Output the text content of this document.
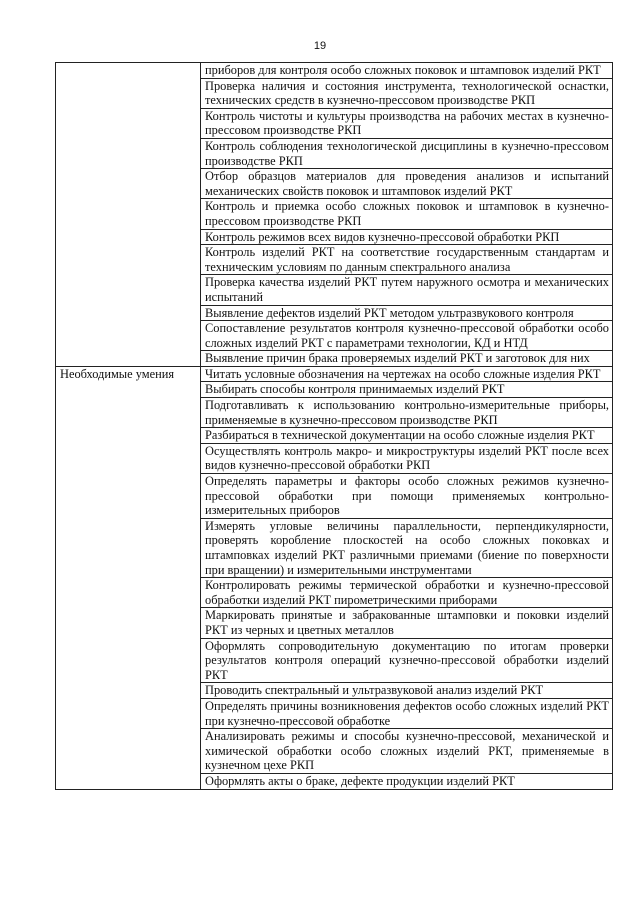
19
	приборов для контроля особо сложных поковок и штамповок изделий РКТ
	Проверка наличия и состояния инструмента, технологической оснастки, технических средств в кузнечно-прессовом производстве РКП
	Контроль чистоты и культуры производства на рабочих местах в кузнечно-прессовом производстве РКП
	Контроль соблюдения технологической дисциплины в кузнечно-прессовом производстве РКП
	Отбор образцов материалов для проведения анализов и испытаний механических свойств поковок и штамповок изделий РКТ
	Контроль и приемка особо сложных поковок и штамповок в кузнечно-прессовом производстве РКП
	Контроль режимов всех видов кузнечно-прессовой обработки РКП
	Контроль изделий РКТ на соответствие государственным стандартам и техническим условиям по данным спектрального анализа
	Проверка качества изделий РКТ путем наружного осмотра и механических испытаний
	Выявление дефектов изделий РКТ методом ультразвукового контроля
	Сопоставление результатов контроля кузнечно-прессовой обработки особо сложных изделий РКТ с параметрами технологии, КД и НТД
	Выявление причин брака проверяемых изделий РКТ и заготовок для них
Необходимые умения	Читать условные обозначения на чертежах на особо сложные изделия РКТ
	Выбирать способы контроля принимаемых изделий РКТ
	Подготавливать к использованию контрольно-измерительные приборы, применяемые в кузнечно-прессовом производстве РКП
	Разбираться в технической документации на особо сложные изделия РКТ
	Осуществлять контроль макро- и микроструктуры изделий РКТ после всех видов кузнечно-прессовой обработки РКП
	Определять параметры и факторы особо сложных режимов кузнечно-прессовой обработки при помощи применяемых контрольно-измерительных приборов
	Измерять угловые величины параллельности, перпендикулярности, проверять коробление плоскостей на особо сложных поковках и штамповках изделий РКТ различными приемами (биение по поверхности при вращении) и измерительными инструментами
	Контролировать режимы термической обработки и кузнечно-прессовой обработки изделий РКТ пирометрическими приборами
	Маркировать принятые и забракованные штамповки и поковки изделий РКТ из черных и цветных металлов
	Оформлять сопроводительную документацию по итогам проверки результатов контроля операций кузнечно-прессовой обработки изделий РКТ
	Проводить спектральный и ультразвуковой анализ изделий РКТ
	Определять причины возникновения дефектов особо сложных изделий РКТ при кузнечно-прессовой обработке
	Анализировать режимы и способы кузнечно-прессовой, механической и химической обработки особо сложных изделий РКТ, применяемые в кузнечном цехе РКП
	Оформлять акты о браке, дефекте продукции изделий РКТ
